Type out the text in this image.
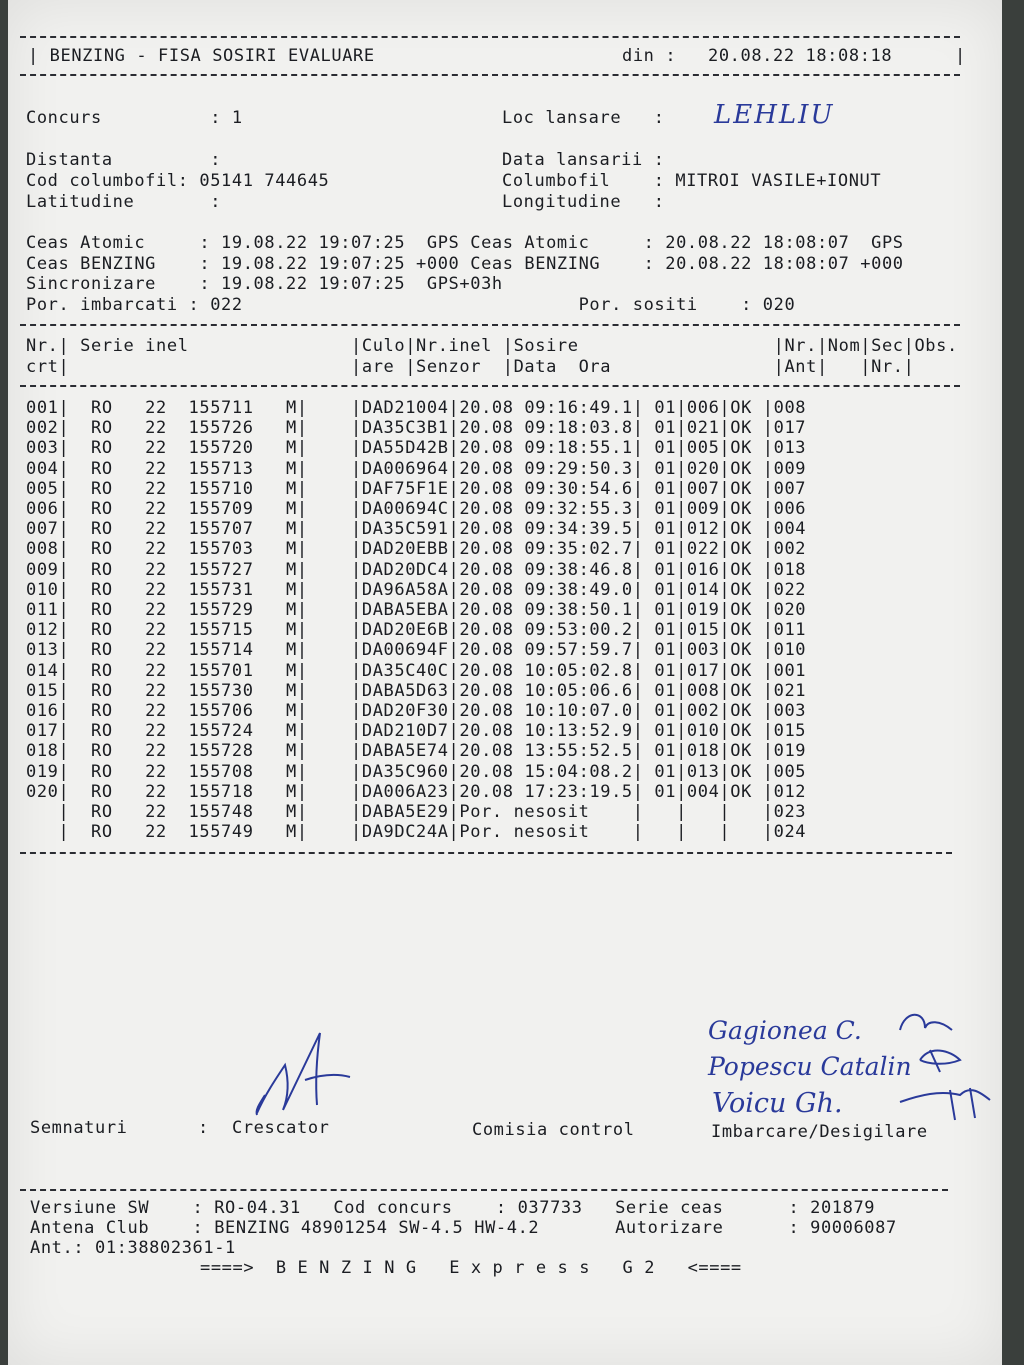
| BENZING - FISA SOSIRI EVALUARE	din : 20.08.22 18:08:18	|
Concurs          : 1	Loc lansare   : LEHLIU
Distanta         :	Data lansarii :
Cod columbofil: 05141 744645	Columbofil    : MITROI VASILE+IONUT
Latitudine       :	Longitudine   :
Ceas Atomic     : 19.08.22 19:07:25  GPS Ceas Atomic     : 20.08.22 18:08:07  GPS
Ceas BENZING    : 19.08.22 19:07:25 +000 Ceas BENZING    : 20.08.22 18:08:07 +000
Sincronizare    : 19.08.22 19:07:25  GPS+03h
Por. imbarcati : 022                               Por. sositi    : 020
Nr.| Serie inel               |Culo|Nr.inel |Sosire                  |Nr.|Nom|Sec|Obs.
crt|                          |are |Senzor  |Data  Ora               |Ant|   |Nr.|
001|  RO   22  155711   M|    |DAD21004|20.08 09:16:49.1| 01|006|OK |008
002|  RO   22  155726   M|    |DA35C3B1|20.08 09:18:03.8| 01|021|OK |017
003|  RO   22  155720   M|    |DA55D42B|20.08 09:18:55.1| 01|005|OK |013
004|  RO   22  155713   M|    |DA006964|20.08 09:29:50.3| 01|020|OK |009
005|  RO   22  155710   M|    |DAF75F1E|20.08 09:30:54.6| 01|007|OK |007
006|  RO   22  155709   M|    |DA00694C|20.08 09:32:55.3| 01|009|OK |006
007|  RO   22  155707   M|    |DA35C591|20.08 09:34:39.5| 01|012|OK |004
008|  RO   22  155703   M|    |DAD20EBB|20.08 09:35:02.7| 01|022|OK |002
009|  RO   22  155727   M|    |DAD20DC4|20.08 09:38:46.8| 01|016|OK |018
010|  RO   22  155731   M|    |DA96A58A|20.08 09:38:49.0| 01|014|OK |022
011|  RO   22  155729   M|    |DABA5EBA|20.08 09:38:50.1| 01|019|OK |020
012|  RO   22  155715   M|    |DAD20E6B|20.08 09:53:00.2| 01|015|OK |011
013|  RO   22  155714   M|    |DA00694F|20.08 09:57:59.7| 01|003|OK |010
014|  RO   22  155701   M|    |DA35C40C|20.08 10:05:02.8| 01|017|OK |001
015|  RO   22  155730   M|    |DABA5D63|20.08 10:05:06.6| 01|008|OK |021
016|  RO   22  155706   M|    |DAD20F30|20.08 10:10:07.0| 01|002|OK |003
017|  RO   22  155724   M|    |DAD210D7|20.08 10:13:52.9| 01|010|OK |015
018|  RO   22  155728   M|    |DABA5E74|20.08 13:55:52.5| 01|018|OK |019
019|  RO   22  155708   M|    |DA35C960|20.08 15:04:08.2| 01|013|OK |005
020|  RO   22  155718   M|    |DA006A23|20.08 17:23:19.5| 01|004|OK |012
|  RO   22  155748   M|    |DABA5E29|Por. nesosit    |   |   |   |023
|  RO   22  155749   M|    |DA9DC24A|Por. nesosit    |   |   |   |024
Gagionea C.
Popescu Catalin
Voicu Gh.
Semnaturi	: Crescator	Comisia control	Imbarcare/Desigilare
Versiune SW    : RO-04.31   Cod concurs    : 037733   Serie ceas      : 201879
Antena Club    : BENZING 48901254 SW-4.5 HW-4.2       Autorizare      : 90006087
Ant.: 01:38802361-1
====>  B E N Z I N G   E x p r e s s   G 2   <====
